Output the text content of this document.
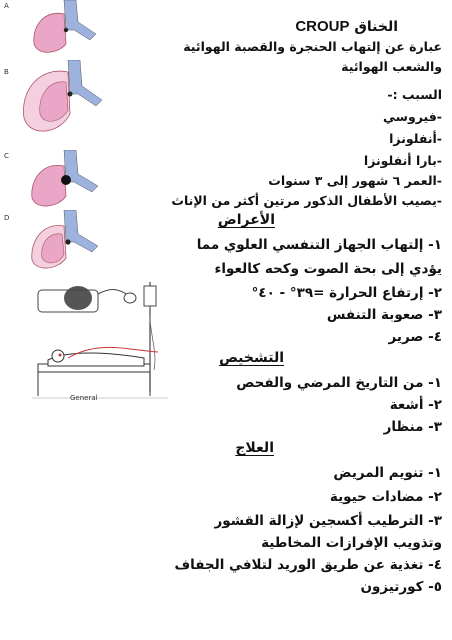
A
B
C
D
General
الخناق CROUP
عبارة عن إلتهاب الحنجرة والقصبة الهوائية
والشعب الهوائية
السبب :-
-فيروسي
-أنفلونزا
-بارا أنفلونزا
-العمر ٦ شهور إلى ٣ سنوات
-يصيب الأطفال الذكور مرتين أكثر من الإناث
الأعراض
١- إلتهاب الجهاز التنفسي العلوي مما
يؤدي إلى بحة الصوت وكحه كالعواء
٢- إرتفاع الحرارة =٣٩° - ٤٠°
٣- صعوبة التنفس
٤- صرير
التشخيص
١- من التاريخ المرضي والفحص
٢- أشعة
٣- منظار
العلاج
١- تنويم المريض
٢- مضادات حيوية
٣- الترطيب أكسجين لإزالة القشور
وتذويب الإفرازات المخاطية
٤- تغذية عن طريق الوريد لتلافي الجفاف
٥- كورتيزون
